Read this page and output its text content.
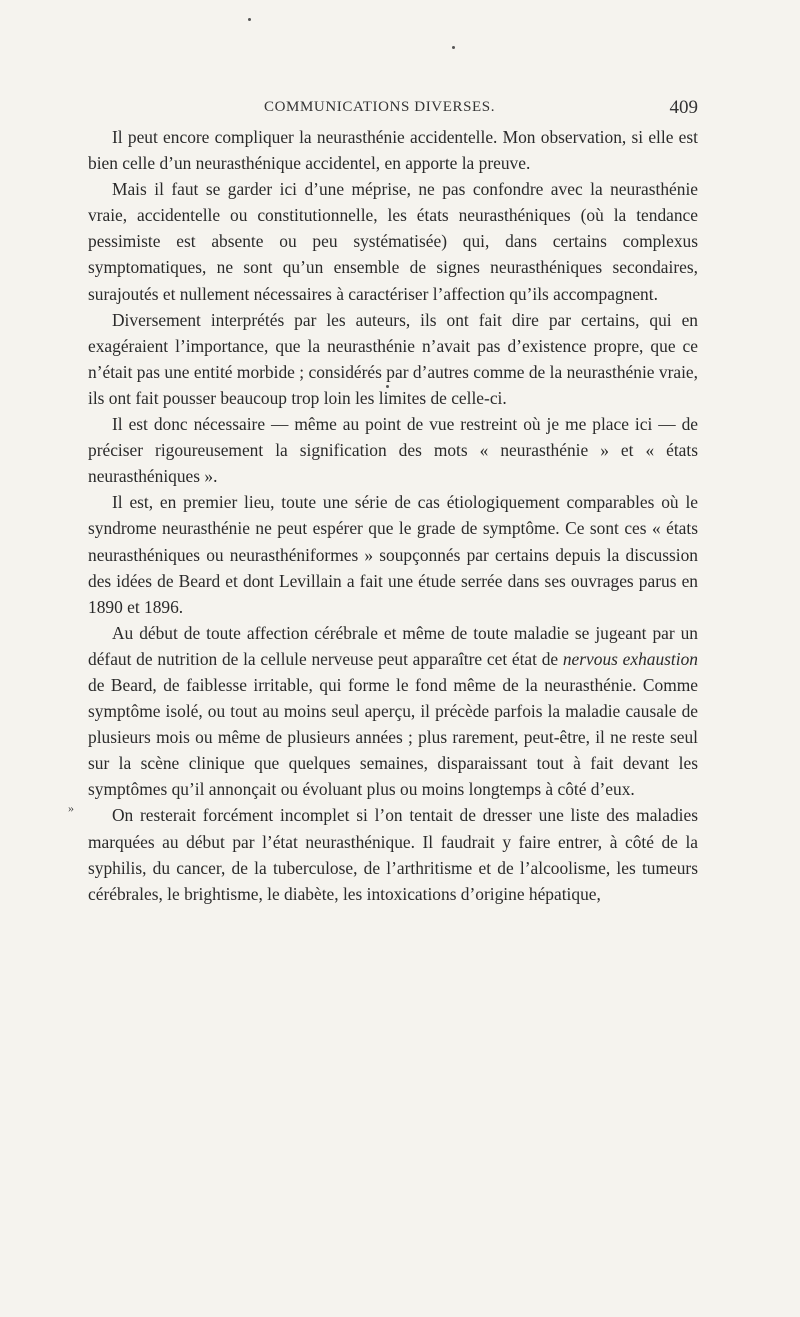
COMMUNICATIONS DIVERSES.	409

Il peut encore compliquer la neurasthénie accidentelle. Mon observation, si elle est bien celle d’un neurasthénique accidentel, en apporte la preuve.

Mais il faut se garder ici d’une méprise, ne pas confondre avec la neurasthénie vraie, accidentelle ou constitutionnelle, les états neurasthéniques (où la tendance pessimiste est absente ou peu systématisée) qui, dans certains complexus symptomatiques, ne sont qu’un ensemble de signes neurasthéniques secondaires, surajoutés et nullement nécessaires à caractériser l’affection qu’ils accompagnent.

Diversement interprétés par les auteurs, ils ont fait dire par certains, qui en exagéraient l’importance, que la neurasthénie n’avait pas d’existence propre, que ce n’était pas une entité morbide ; considérés par d’autres comme de la neurasthénie vraie, ils ont fait pousser beaucoup trop loin les limites de celle-ci.

Il est donc nécessaire — même au point de vue restreint où je me place ici — de préciser rigoureusement la signification des mots « neurasthénie » et « états neurasthéniques ».

Il est, en premier lieu, toute une série de cas étiologiquement comparables où le syndrome neurasthénie ne peut espérer que le grade de symptôme. Ce sont ces « états neurasthéniques ou neurasthéniformes » soupçonnés par certains depuis la discussion des idées de Beard et dont Levillain a fait une étude serrée dans ses ouvrages parus en 1890 et 1896.

Au début de toute affection cérébrale et même de toute maladie se jugeant par un défaut de nutrition de la cellule nerveuse peut apparaître cet état de nervous exhaustion de Beard, de faiblesse irritable, qui forme le fond même de la neurasthénie. Comme symptôme isolé, ou tout au moins seul aperçu, il précède parfois la maladie causale de plusieurs mois ou même de plusieurs années ; plus rarement, peut-être, il ne reste seul sur la scène clinique que quelques semaines, disparaissant tout à fait devant les symptômes qu’il annonçait ou évoluant plus ou moins longtemps à côté d’eux.

On resterait forcément incomplet si l’on tentait de dresser une liste des maladies marquées au début par l’état neurasthénique. Il faudrait y faire entrer, à côté de la syphilis, du cancer, de la tuberculose, de l’arthritisme et de l’alcoolisme, les tumeurs cérébrales, le brightisme, le diabète, les intoxications d’origine hépatique,

»
